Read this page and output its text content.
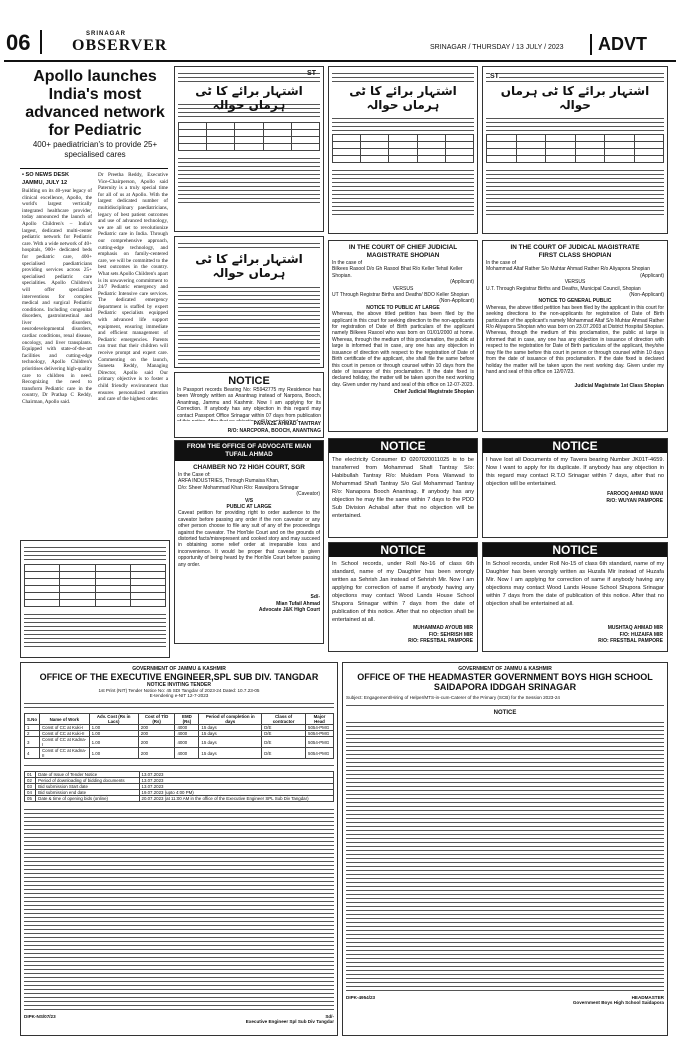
06	SRINAGAR
OBSERVER	SRINAGAR / THURSDAY / 13 JULY / 2023	ADVT
Apollo launches India's most advanced network for Pediatric
400+ paediatrician's to provide 25+ specialised cares
• SO NEWS DESK
JAMMU, JULY 12
Building on its 40-year legacy of clinical excellence, Apollo, the world's largest vertically integrated healthcare provider, today announced the launch of Apollo Children's – India's largest, dedicated multi-center pediatric network for Pediatric care. With a wide network of 40+ hospitals, 900+ dedicated beds for pediatric care, 400+ specialised paediatricians providing services across 25+ specialised pediatric care specialities. Apollo Children's will offer specialized interventions for complex medical and surgical Pediatric conditions. Including congenital disorders, gastrointestinal and liver disorders, neurodevelopmental disorders, cardiac conditions, renal disease, oncology, and liver transplants. Equipped with state-of-the-art facilities and cutting-edge technology, Apollo Children's prioritises delivering high-quality care to children in need. Recognizing the need to transform Pediatric care in the country, Dr Prathap C Reddy, Chairman, Apollo said.
Dr Preetha Reddy, Executive Vice-Chairperson, Apollo said Paternity is a truly special time for all of us at Apollo. With the largest dedicated number of multidisciplinary paediatricians, legacy of best patient outcomes and use of advanced technology, we are all set to revolutionize Pediatric care in India. Through our comprehensive approach, cutting-edge technology, and emphasis on family-centered care, we will be committed to the best outcomes in the country. What sets Apollo Children's apart is its unwavering commitment to 24/7 Pediatric emergency and Pediatric Intensive care services. The dedicated emergency department is staffed by expert Pediatric specialists equipped with advanced life support equipment, ensuring immediate and efficient management of Pediatric emergencies. Parents can trust that their children will receive prompt and expert care. Commenting on the launch, Suneeta Reddy, Managing Director, Apollo said Our primary objective is to foster a child friendly environment that ensures personalized attention and care of the highest order.

اشتہار برائے کا ٹی ہرماں حوالہ
ST

اشتہار برائے کا ٹی ہرماں حوالہ
اشتہار برائے کا ٹی ہرماں حوالہ

ST
اشتہار برائے کا ٹی ہرماں حوالہ

IN THE COURT OF CHIEF JUDICIAL
MAGISTRATE SHOPIAN
In the case of
Bilkees Rasool D/o Gh Rasool Bhat R/o Keller Tehsil Keller Shopian.
(Applicant)
VERSUS
UT Through Registrar Births and Deaths/ BDO Keller Shopian
(Non-Applicant)
NOTICE TO PUBLIC AT LARGE
Whereas, the above titled petition has been filed by the applicant in this court for seeking direction to the non-applicants for registration of Date of Birth particulars of the applicant namely Bilkees Rasool who was born on 01/01/2000 at home. Whereas, through the medium of this proclamation, the public at large is informed that in case, any one has any objection in issuance of direction with respect to the registration of Date of Birth certificate of the applicant, she shall file the same before this court in person or through counsel within 10 days from the date of issuance of this proclamation. If the date fixed is declared holiday, the matter will be taken upon the next working day. Given under my hand and seal of this office on 12-07-2023.
Chief Judicial Magistrate Shopian
IN THE COURT OF JUDICAL MAGISTRATE
FIRST CLASS SHOPIAN
In the case of
Mohammad Altaf Rather S/o Muhtar Ahmad Rather R/o Aliyapora Shopian
(Applicant)
VERSUS
U.T. Through Registrar Births and Deaths, Municipal Council, Shopian
(Non-Applicant)
NOTICE TO GENERAL PUBLIC
Whereas, the above titled petition has been filed by the applicant in this court for seeking directions to the non-applicants for registration of Date of Birth particulars of the applicant's namely Mohammad Altaf S/o Muhtar Ahmad Rather R/o Aliyapora Shopian who was born on 23.07.2003 at District Hospital Shopian. Whereas, through the medium of this proclamation, the public at large is informed that in case, any one has any objection in issuance of direction with respect to the registration for Date of Birth particulars of the applicant, they/she may file the same before this court in person or through counsel within 10 days from the date of issuance of this proclamation. If the date fixed is declared holiday the matter will be taken upon the next working day. Given under my hand and seal of this office on 12/07/23.
Judicial Magistrate 1st Class Shopian
NOTICE
In Passport records Bearing No: R5942775 my Residence has been Wrongly written as Anantnag instead of Narpora, Booch, Anantnag, Jammu and Kashmir. Now I am applying for its Correction. If anybody has any objection in this regard may contact Passport Office Srinagar within 07 days from publication
PARVAZE AHMAD TANTRAY
R/O: NARCPORA, BOOCH, ANANTNAG
FROM THE OFFICE OF ADVOCATE MIAN TUFAIL AHMAD
CHAMBER NO 72 HIGH COURT, SGR
In the Case of:
ARFA INDUSTRIES, Through Rumaisa Khan,
D/o: Sheer Mohammad Khan R/o: Rawalpora Srinagar
(Caveator)
V/S
PUBLIC AT LARGE
Caveat petition for providing right to order audience to the caveator before passing any order if the non caveator or any other person choose to file any suit of any of the proceedings against the caveator. The Hon'ble Court and on the grounds of distorted facts/misrepresent and cooked story and may succeed in obtaining some relief order at irreparable loss and inconvenience. It would be proper that caveator is given opportunity of being heard by the Hon'ble Court before passing any order.
Sd/-
Mian Tufail Ahmad
Advocate J&K High Court
NOTICE
The electricity Consumer ID 0207020011025 is to be transferred from Mohammad Shafi Tantray S/o: Habibullah Tantray R/o: Mukdam Pora Wanwad to Mohammad Shafi Tantray S/o Gul Mohammad Tantray R/o: Nanapora Booch Anantnag. If anybody has any objection he may file the same within 7 days to the PDD Sub Division Achabal after that no objection will be entertained.
NOTICE
I have lost all Documents of my Tavera bearing Number JK01T-4659. Now I want to apply for its duplicate. If anybody has any objection in this regard may contact R.T.O Srinagar within 7 days, after that no objection will be entertained.
FAROOQ AHMAD WANI
R/O: WUYAN PAMPORE
NOTICE
In School records, under Roll No-16 of class 6th standard, name of my Daughter has been wrongly written as Sehrish Jan instead of Sehrish Mir. Now I am applying for correction of same if anybody having any objections may contact Wood Lands House School Shupora Srinagar within 7 days from the date of publication of this notice. After that no objection shall be entertained at all.
MUHAMMAD AYOUB MIR
F/O: SEHRISH MIR
R/O: FRESTBAL PAMPORE
NOTICE
In School records, under Roll No-15 of class 6th standard, name of my Daughter has been wrongly written as Huzafa Mir instead of Huzafa Mir. Now I am applying for correction of same if anybody having any objections may contact Wood Lands House School Shupora Srinagar within 7 days from the date of publication of this notice. After that no objection shall be entertained at all.
MUSHTAQ AHMAD MIR
F/O: HUZAIFA MIR
R/O: FRESTBAL PAMPORE
GOVERNMENT OF JAMMU & KASHMIR
OFFICE OF THE EXECUTIVE ENGINEER,SPL SUB DIV. TANGDAR
NOTICE INVITING TENDER
1st Print (NIT) Tender Notice No: 45 SDI Tangdar of 2023-24 Dated: 10.7.23-05
E-tendering e-NIT 12-7-2023
S.No	Name of Work	Adv. Cost (Rs in Lacs)	Cost of T/D (Rs)	EMD (Rs)	Period of completion in days	Class of contractor	Major Head
1	Const of CC at Kuki-I	1.00	200	4000	15 days	D/E	5054-PMG
2	Const of CC at Kuki-II	1.00	200	4000	15 days	D/E	5054-PMG
3	Const of CC at Kadna-I	1.00	200	4000	15 days	D/E	5054-PMG
4	Const of CC at Kadna-II	1.00	200	4000	15 days	D/E	5054-PMG
01	Date of Issue of Tender Notice	13.07.2023
02	Period of downloading of bidding documents	13.07.2023
03	Bid submission Start date	13.07.2023
04	Bid submission end date	19.07.2023 (upto 4:00 PM)
05	Date & time of opening bids (online)	20.07.2023 (at 11:00 AM in the office of the Executive Engineer SPL Sub Div Tangdar)
DIPK-NS/07/23	Sd/-
Executive Engineer Spl Sub Div Tangdar
GOVERNMENT OF JAMMU & KASHMIR
OFFICE OF THE HEADMASTER GOVERNMENT BOYS HIGH SCHOOL
SAIDAPORA IDDGAH SRINAGAR
Subject: Engagement/Hiring of Helper/MTS-in-cum-Caterer of the Primary (SCB) for the Session 2023-24
NOTICE
DIPK-4954/23	HEADMASTER
Government Boys High School Saidapora
